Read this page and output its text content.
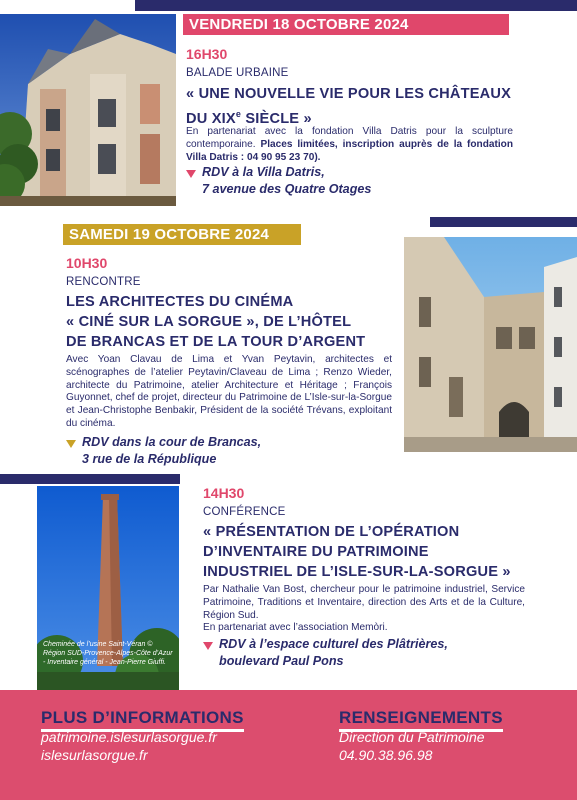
VENDREDI 18 OCTOBRE 2024
16H30
BALADE URBAINE
« UNE NOUVELLE VIE POUR LES CHÂTEAUX
DU XIXe SIÈCLE »
En partenariat avec la fondation Villa Datris pour la sculpture contemporaine. Places limitées, inscription auprès de la fondation Villa Datris : 04 90 95 23 70).
RDV à la Villa Datris,
7 avenue des Quatre Otages
SAMEDI 19 OCTOBRE 2024
10H30
RENCONTRE
LES ARCHITECTES DU CINÉMA
« CINÉ SUR LA SORGUE », DE L’HÔTEL
DE BRANCAS ET DE LA TOUR D’ARGENT
Avec Yoan Clavau de Lima et Yvan Peytavin, architectes et scénographes de l’atelier Peytavin/Claveau de Lima ; Renzo Wieder, architecte du Patrimoine, atelier Architecture et Héritage ; François Guyonnet, chef de projet, directeur du Patrimoine de L’Isle-sur-la-Sorgue et Jean-Christophe Benbakir, Président de la société Trévans, exploitant du cinéma.
RDV dans la cour de Brancas,
3 rue de la République
Cheminée de l’usine Saint-Véran © Région SUD-Provence-Alpes-Côte d’Azur - Inventaire général - Jean-Pierre Giuffi.
14H30
CONFÉRENCE
« PRÉSENTATION DE L’OPÉRATION
D’INVENTAIRE DU PATRIMOINE
INDUSTRIEL DE L’ISLE-SUR-LA-SORGUE »
Par Nathalie Van Bost, chercheur pour le patrimoine industriel, Service Patrimoine, Traditions et Inventaire, direction des Arts et de la Culture, Région Sud.
En partenariat avec l’association Memòri.
RDV à l’espace culturel des Plâtrières,
boulevard Paul Pons
PLUS D’INFORMATIONS
patrimoine.islesurlasorgue.fr
islesurlasorgue.fr
RENSEIGNEMENTS
Direction du Patrimoine
04.90.38.96.98
